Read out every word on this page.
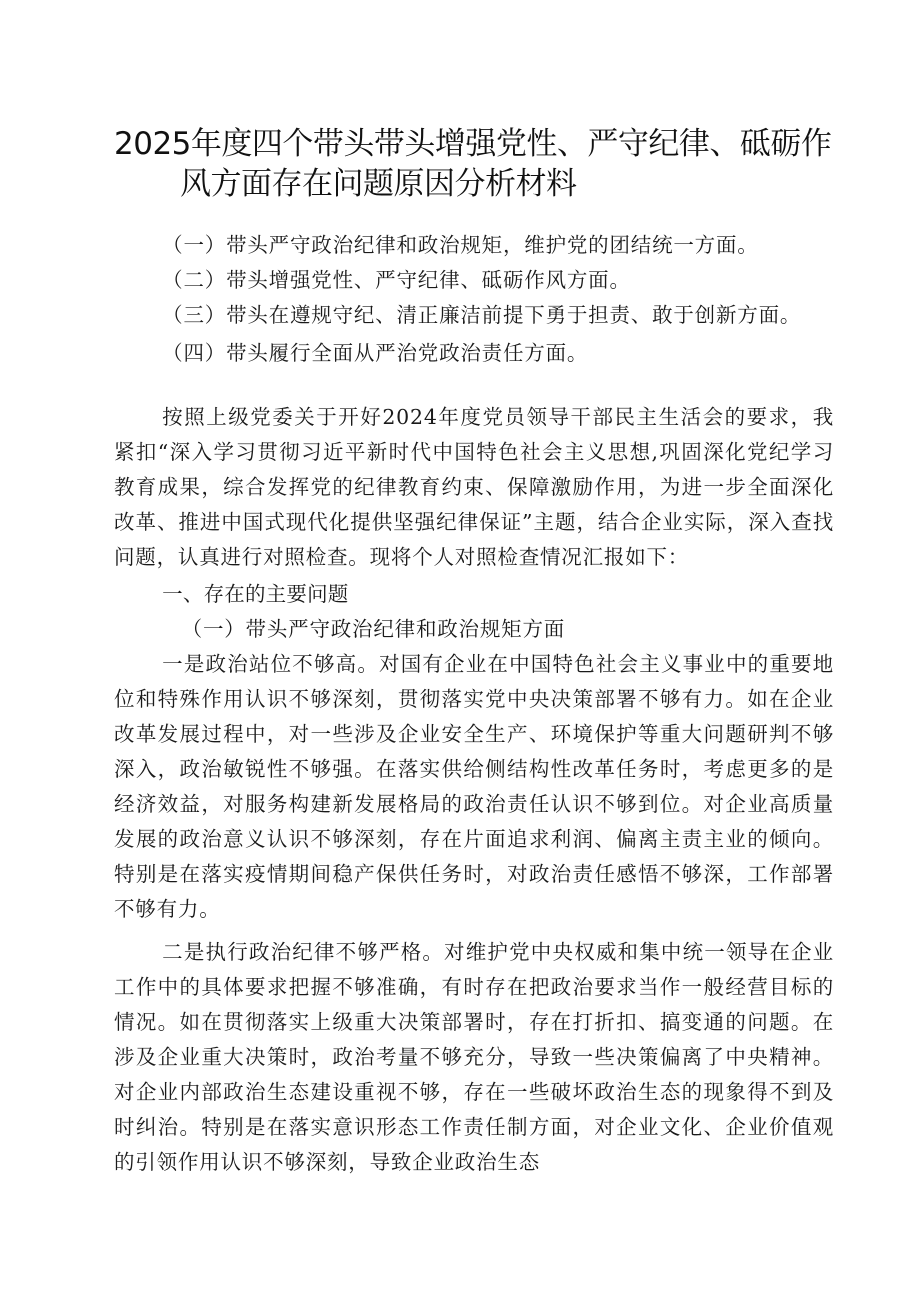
2025年度四个带头带头增强党性、严守纪律、砥砺作
风方面存在问题原因分析材料

（一）带头严守政治纪律和政治规矩，维护党的团结统一方面。

（二）带头增强党性、严守纪律、砥砺作风方面。

（三）带头在遵规守纪、清正廉洁前提下勇于担责、敢于创新方面。

（四）带头履行全面从严治党政治责任方面。

按照上级党委关于开好2024年度党员领导干部民主生活会的要求，我紧扣“深入学习贯彻习近平新时代中国特色社会主义思想,巩固深化党纪学习教育成果，综合发挥党的纪律教育约束、保障激励作用，为进一步全面深化改革、推进中国式现代化提供坚强纪律保证”主题，结合企业实际，深入查找问题，认真进行对照检查。现将个人对照检查情况汇报如下：

一、存在的主要问题

（一）带头严守政治纪律和政治规矩方面

一是政治站位不够高。对国有企业在中国特色社会主义事业中的重要地位和特殊作用认识不够深刻，贯彻落实党中央决策部署不够有力。如在企业改革发展过程中，对一些涉及企业安全生产、环境保护等重大问题研判不够深入，政治敏锐性不够强。在落实供给侧结构性改革任务时，考虑更多的是经济效益，对服务构建新发展格局的政治责任认识不够到位。对企业高质量发展的政治意义认识不够深刻，存在片面追求利润、偏离主责主业的倾向。特别是在落实疫情期间稳产保供任务时，对政治责任感悟不够深，工作部署不够有力。

二是执行政治纪律不够严格。对维护党中央权威和集中统一领导在企业工作中的具体要求把握不够准确，有时存在把政治要求当作一般经营目标的情况。如在贯彻落实上级重大决策部署时，存在打折扣、搞变通的问题。在涉及企业重大决策时，政治考量不够充分，导致一些决策偏离了中央精神。对企业内部政治生态建设重视不够，存在一些破坏政治生态的现象得不到及时纠治。特别是在落实意识形态工作责任制方面，对企业文化、企业价值观的引领作用认识不够深刻，导致企业政治生态
